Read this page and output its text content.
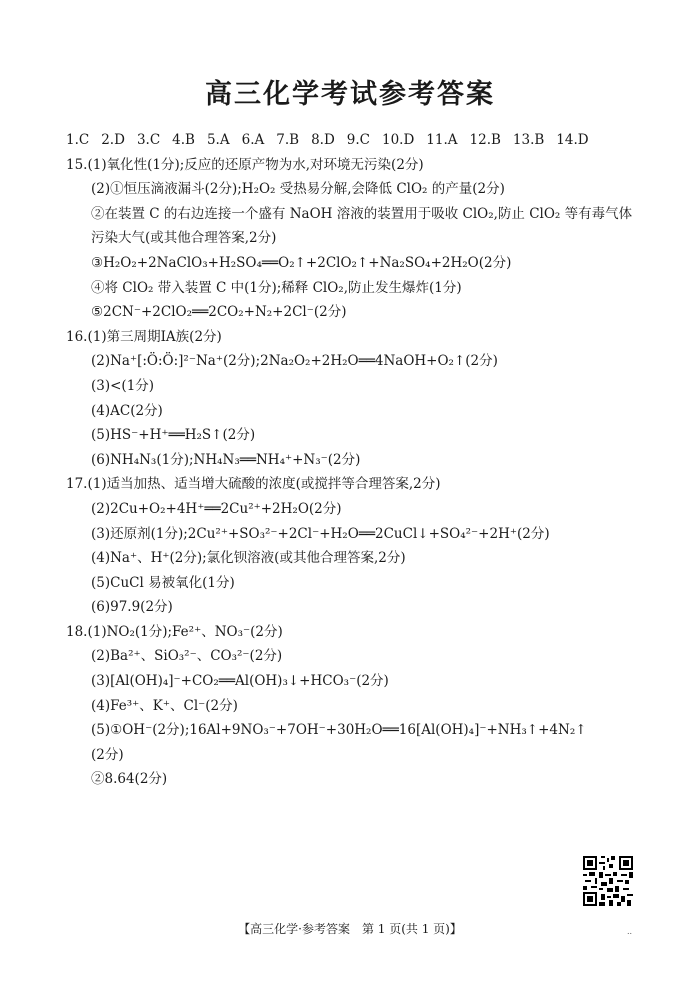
高三化学考试参考答案
1.C 2.D 3.C 4.B 5.A 6.A 7.B 8.D 9.C 10.D 11.A 12.B 13.B 14.D
15.(1)氧化性(1分);反应的还原产物为水,对环境无污染(2分)
(2)①恒压滴液漏斗(2分);H₂O₂ 受热易分解,会降低 ClO₂ 的产量(2分)
②在装置 C 的右边连接一个盛有 NaOH 溶液的装置用于吸收 ClO₂,防止 ClO₂ 等有毒气体
污染大气(或其他合理答案,2分)
③H₂O₂+2NaClO₃+H₂SO₄══O₂↑+2ClO₂↑+Na₂SO₄+2H₂O(2分)
④将 ClO₂ 带入装置 C 中(1分);稀释 ClO₂,防止发生爆炸(1分)
⑤2CN⁻+2ClO₂══2CO₂+N₂+2Cl⁻(2分)
16.(1)第三周期ⅠA族(2分)
(2)Na⁺[:Ö:Ö:]²⁻Na⁺(2分);2Na₂O₂+2H₂O══4NaOH+O₂↑(2分)
(3)<(1分)
(4)AC(2分)
(5)HS⁻+H⁺══H₂S↑(2分)
(6)NH₄N₃(1分);NH₄N₃══NH₄⁺+N₃⁻(2分)
17.(1)适当加热、适当增大硫酸的浓度(或搅拌等合理答案,2分)
(2)2Cu+O₂+4H⁺══2Cu²⁺+2H₂O(2分)
(3)还原剂(1分);2Cu²⁺+SO₃²⁻+2Cl⁻+H₂O══2CuCl↓+SO₄²⁻+2H⁺(2分)
(4)Na⁺、H⁺(2分);氯化钡溶液(或其他合理答案,2分)
(5)CuCl 易被氧化(1分)
(6)97.9(2分)
18.(1)NO₂(1分);Fe²⁺、NO₃⁻(2分)
(2)Ba²⁺、SiO₃²⁻、CO₃²⁻(2分)
(3)[Al(OH)₄]⁻+CO₂══Al(OH)₃↓+HCO₃⁻(2分)
(4)Fe³⁺、K⁺、Cl⁻(2分)
(5)①OH⁻(2分);16Al+9NO₃⁻+7OH⁻+30H₂O══16[Al(OH)₄]⁻+NH₃↑+4N₂↑
(2分)
②8.64(2分)
【高三化学·参考答案　第 1 页(共 1 页)】	..
